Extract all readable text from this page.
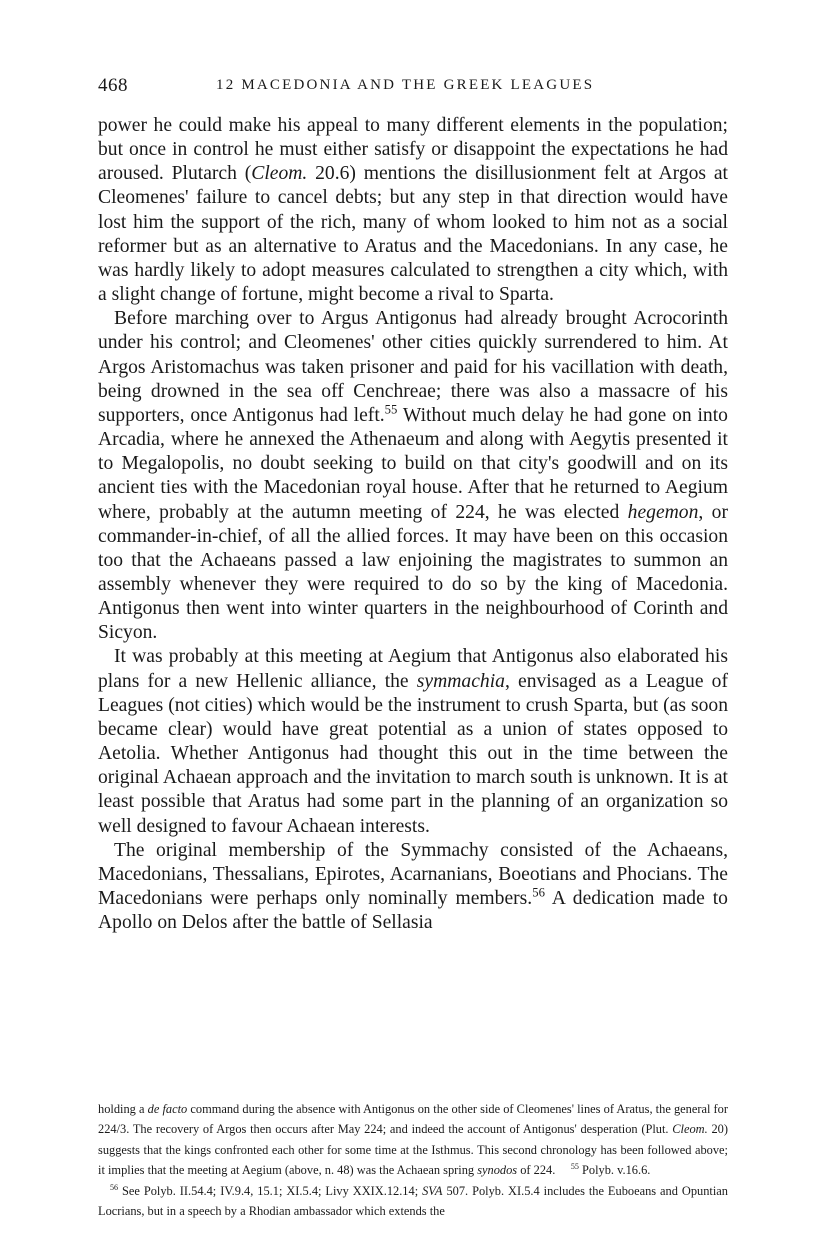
468	12 MACEDONIA AND THE GREEK LEAGUES

power he could make his appeal to many different elements in the population; but once in control he must either satisfy or disappoint the expectations he had aroused. Plutarch (Cleom. 20.6) mentions the disillusionment felt at Argos at Cleomenes' failure to cancel debts; but any step in that direction would have lost him the support of the rich, many of whom looked to him not as a social reformer but as an alternative to Aratus and the Macedonians. In any case, he was hardly likely to adopt measures calculated to strengthen a city which, with a slight change of fortune, might become a rival to Sparta.

Before marching over to Argus Antigonus had already brought Acrocorinth under his control; and Cleomenes' other cities quickly surrendered to him. At Argos Aristomachus was taken prisoner and paid for his vacillation with death, being drowned in the sea off Cenchreae; there was also a massacre of his supporters, once Antigonus had left.$^{55}$ Without much delay he had gone on into Arcadia, where he annexed the Athenaeum and along with Aegytis presented it to Megalopolis, no doubt seeking to build on that city's goodwill and on its ancient ties with the Macedonian royal house. After that he returned to Aegium where, probably at the autumn meeting of 224, he was elected hegemon, or commander-in-chief, of all the allied forces. It may have been on this occasion too that the Achaeans passed a law enjoining the magistrates to summon an assembly whenever they were required to do so by the king of Macedonia. Antigonus then went into winter quarters in the neighbourhood of Corinth and Sicyon.

It was probably at this meeting at Aegium that Antigonus also elaborated his plans for a new Hellenic alliance, the symmachia, envisaged as a League of Leagues (not cities) which would be the instrument to crush Sparta, but (as soon became clear) would have great potential as a union of states opposed to Aetolia. Whether Antigonus had thought this out in the time between the original Achaean approach and the invitation to march south is unknown. It is at least possible that Aratus had some part in the planning of an organization so well designed to favour Achaean interests.

The original membership of the Symmachy consisted of the Achaeans, Macedonians, Thessalians, Epirotes, Acarnanians, Boeotians and Phocians. The Macedonians were perhaps only nominally members.$^{56}$ A dedication made to Apollo on Delos after the battle of Sellasia

holding a de facto command during the absence with Antigonus on the other side of Cleomenes' lines of Aratus, the general for 224/3. The recovery of Argos then occurs after May 224; and indeed the account of Antigonus' desperation (Plut. Cleom. 20) suggests that the kings confronted each other for some time at the Isthmus. This second chronology has been followed above; it implies that the meeting at Aegium (above, n. 48) was the Achaean spring synodos of 224. $^{55}$ Polyb. v.16.6.

$^{56}$ See Polyb. II.54.4; IV.9.4, 15.1; XI.5.4; Livy XXIX.12.14; SVA 507. Polyb. XI.5.4 includes the Euboeans and Opuntian Locrians, but in a speech by a Rhodian ambassador which extends the
